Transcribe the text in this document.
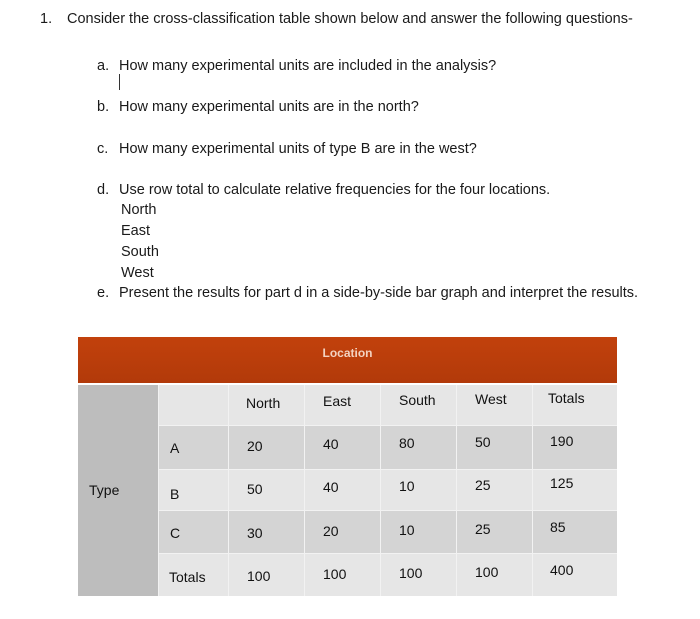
1. Consider the cross-classification table shown below and answer the following questions-
a. How many experimental units are included in the analysis?
b. How many experimental units are in the north?
c. How many experimental units of type B are in the west?
d. Use row total to calculate relative frequencies for the four locations.
North
East
South
West
e. Present the results for part d in a side-by-side bar graph and interpret the results.
Location
Type
North	East	South	West	Totals
A	20	40	80	50	190
B	50	40	10	25	125
C	30	20	10	25	85
Totals	100	100	100	100	400
